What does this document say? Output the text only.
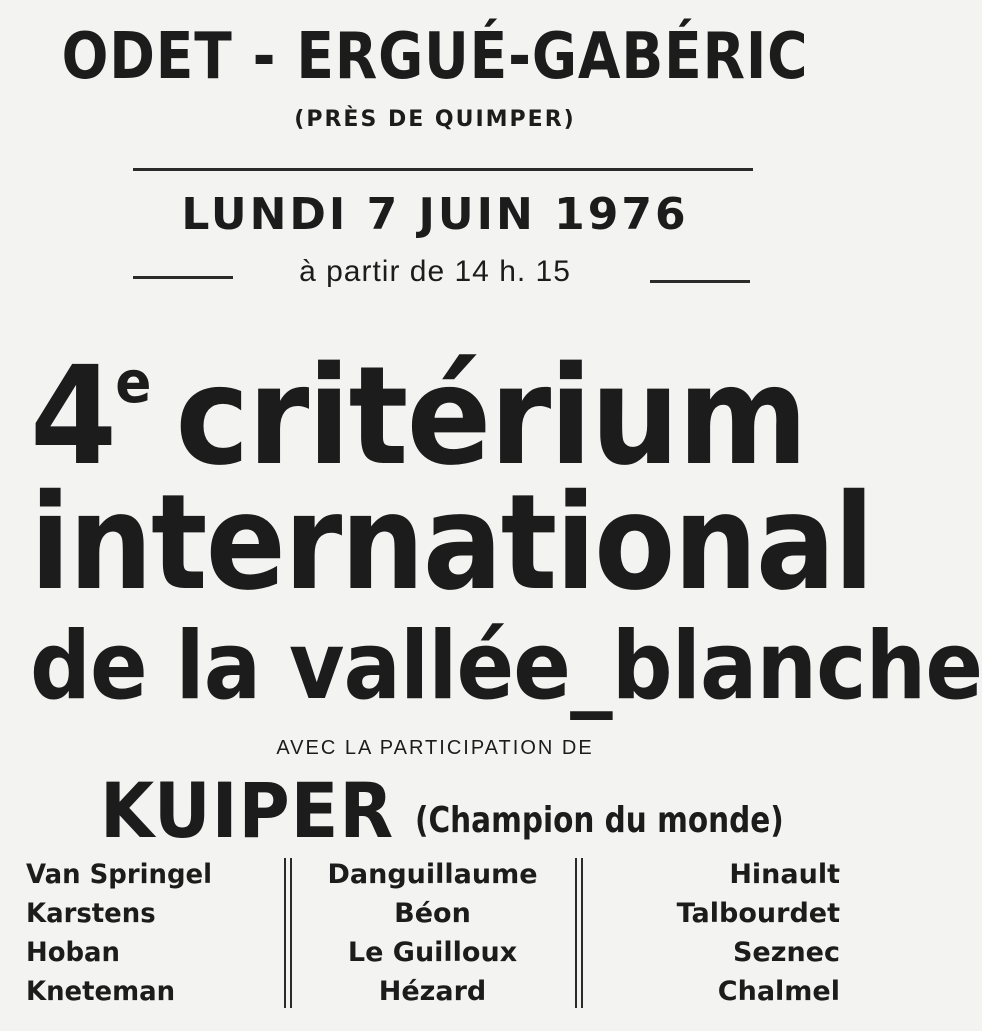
ODET - ERGUÉ-GABÉRIC
(PRÈS DE QUIMPER)
LUNDI 7 JUIN 1976
à partir de 14 h. 15
4e critérium
international
de la vallée_blanche
AVEC LA PARTICIPATION DE
KUIPER (Champion du monde)
Van Springel
Karstens
Hoban
Kneteman
Danguillaume
Béon
Le Guilloux
Hézard
Hinault
Talbourdet
Seznec
Chalmel
